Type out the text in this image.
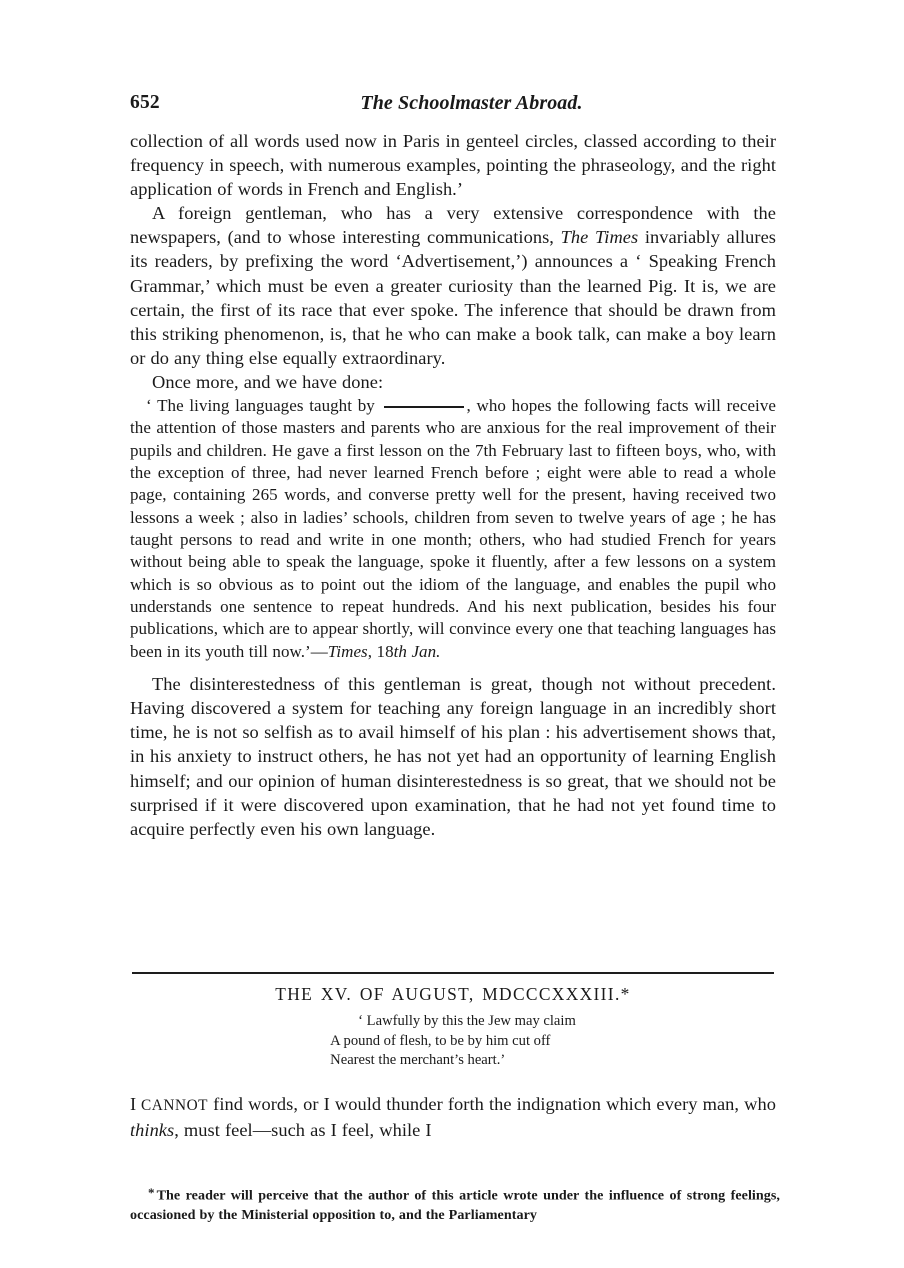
652	The Schoolmaster Abroad.

collection of all words used now in Paris in genteel circles, classed according to their frequency in speech, with numerous examples, pointing the phraseology, and the right application of words in French and English.’

A foreign gentleman, who has a very extensive correspondence with the newspapers, (and to whose interesting communications, The Times invariably allures its readers, by prefixing the word ‘Advertisement,’) announces a ‘ Speaking French Grammar,’ which must be even a greater curiosity than the learned Pig. It is, we are certain, the first of its race that ever spoke. The inference that should be drawn from this striking phenomenon, is, that he who can make a book talk, can make a boy learn or do any thing else equally extraordinary.

Once more, and we have done:

‘ The living languages taught by	, who hopes the following facts will receive the attention of those masters and parents who are anxious for the real improvement of their pupils and children. He gave a first lesson on the 7th February last to fifteen boys, who, with the exception of three, had never learned French before ; eight were able to read a whole page, containing 265 words, and converse pretty well for the present, having received two lessons a week ; also in ladies’ schools, children from seven to twelve years of age ; he has taught persons to read and write in one month; others, who had studied French for years without being able to speak the language, spoke it fluently, after a few lessons on a system which is so obvious as to point out the idiom of the language, and enables the pupil who understands one sentence to repeat hundreds. And his next publication, besides his four publications, which are to appear shortly, will convince every one that teaching languages has been in its youth till now.’—Times, 18th Jan.

The disinterestedness of this gentleman is great, though not without precedent. Having discovered a system for teaching any foreign language in an incredibly short time, he is not so selfish as to avail himself of his plan : his advertisement shows that, in his anxiety to instruct others, he has not yet had an opportunity of learning English himself; and our opinion of human disinterestedness is so great, that we should not be surprised if it were discovered upon examination, that he had not yet found time to acquire perfectly even his own language.

THE XV. OF AUGUST, MDCCCXXXIII.*
‘ Lawfully by this the Jew may claim
A pound of flesh, to be by him cut off
Nearest the merchant’s heart.’

I CANNOT find words, or I would thunder forth the indignation which every man, who thinks, must feel—such as I feel, while I

* The reader will perceive that the author of this article wrote under the influence of strong feelings, occasioned by the Ministerial opposition to, and the Parliamentary
